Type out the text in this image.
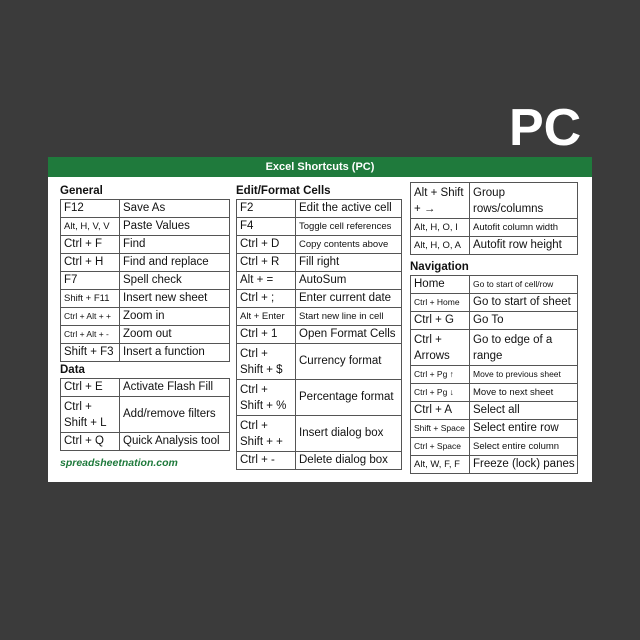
PC
Excel Shortcuts (PC)
General
F12	Save As
Alt, H, V, V	Paste Values
Ctrl + F	Find
Ctrl + H	Find and replace
F7	Spell check
Shift + F11	Insert new sheet
Ctrl + Alt + +	Zoom in
Ctrl + Alt + -	Zoom out
Shift + F3	Insert a function
Data
Ctrl + E	Activate Flash Fill
Ctrl + Shift + L	Add/remove filters
Ctrl + Q	Quick Analysis tool
spreadsheetnation.com
Edit/Format Cells
F2	Edit the active cell
F4	Toggle cell references
Ctrl + D	Copy contents above
Ctrl + R	Fill right
Alt + =	AutoSum
Ctrl + ;	Enter current date
Alt + Enter	Start new line in cell
Ctrl + 1	Open Format Cells
Ctrl + Shift + $	Currency format
Ctrl + Shift + %	Percentage format
Ctrl + Shift + +	Insert dialog box
Ctrl + -	Delete dialog box
Alt + Shift + →	Group rows/columns
Alt, H, O, I	Autofit column width
Alt, H, O, A	Autofit row height
Navigation
Home	Go to start of cell/row
Ctrl + Home	Go to start of sheet
Ctrl + G	Go To
Ctrl + Arrows	Go to edge of a range
Ctrl + Pg ↑	Move to previous sheet
Ctrl + Pg ↓	Move to next sheet
Ctrl + A	Select all
Shift + Space	Select entire row
Ctrl + Space	Select entire column
Alt, W, F, F	Freeze (lock) panes
